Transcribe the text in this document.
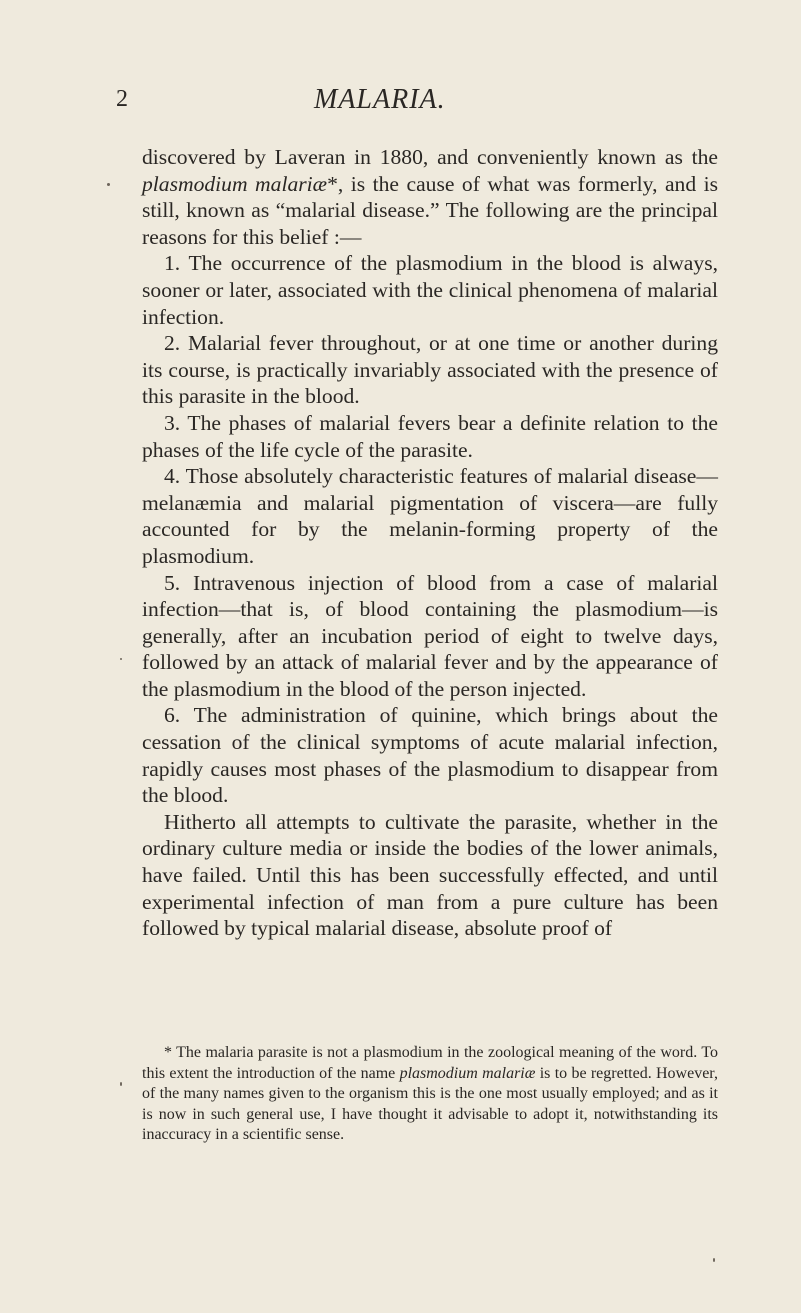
2	MALARIA.

discovered by Laveran in 1880, and conveniently known as the plasmodium malariæ*, is the cause of what was formerly, and is still, known as “malarial disease.” The following are the principal reasons for this belief :—

1. The occurrence of the plasmodium in the blood is always, sooner or later, associated with the clinical phenomena of malarial infection.

2. Malarial fever throughout, or at one time or another during its course, is practically invariably associated with the presence of this parasite in the blood.

3. The phases of malarial fevers bear a definite relation to the phases of the life cycle of the parasite.

4. Those absolutely characteristic features of malarial disease—melanæmia and malarial pigmentation of viscera—are fully accounted for by the melanin-forming property of the plasmodium.

5. Intravenous injection of blood from a case of malarial infection—that is, of blood containing the plasmodium—is generally, after an incubation period of eight to twelve days, followed by an attack of malarial fever and by the appearance of the plasmodium in the blood of the person injected.

6. The administration of quinine, which brings about the cessation of the clinical symptoms of acute malarial infection, rapidly causes most phases of the plasmodium to disappear from the blood.

Hitherto all attempts to cultivate the parasite, whether in the ordinary culture media or inside the bodies of the lower animals, have failed. Until this has been successfully effected, and until experimental infection of man from a pure culture has been followed by typical malarial disease, absolute proof of

* The malaria parasite is not a plasmodium in the zoological meaning of the word. To this extent the introduction of the name plasmodium malariæ is to be regretted. However, of the many names given to the organism this is the one most usually employed; and as it is now in such general use, I have thought it advisable to adopt it, notwithstanding its inaccuracy in a scientific sense.
